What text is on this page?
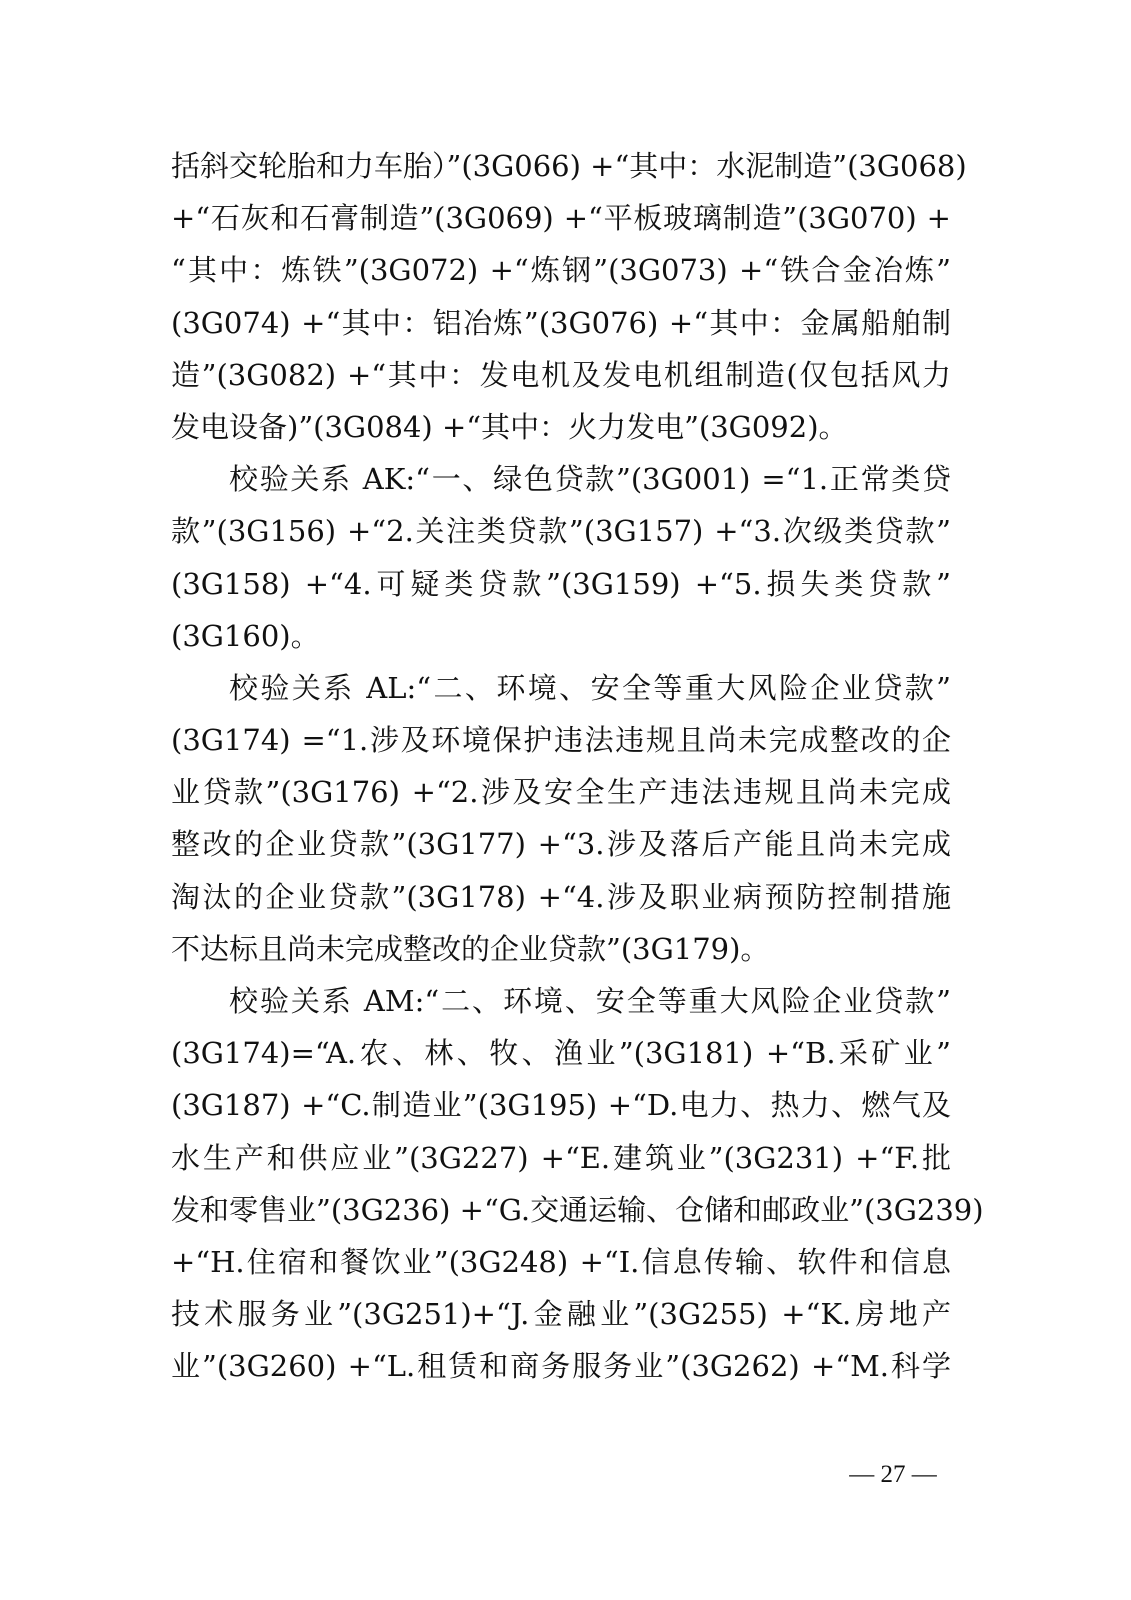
括斜交轮胎和力车胎）”(3G066) +“其中：水泥制造”(3G068)
+“石灰和石膏制造”(3G069) +“平板玻璃制造”(3G070) +
“其中：炼铁”(3G072) +“炼钢”(3G073) +“铁合金冶炼”
(3G074) +“其中：铝冶炼”(3G076) +“其中：金属船舶制
造”(3G082) +“其中：发电机及发电机组制造(仅包括风力
发电设备)”(3G084) +“其中：火力发电”(3G092)。
校验关系 AK:“一、绿色贷款”(3G001) =“1.正常类贷
款”(3G156) +“2.关注类贷款”(3G157) +“3.次级类贷款”
(3G158) +“4.可疑类贷款”(3G159) +“5.损失类贷款”
(3G160)。
校验关系 AL:“二、环境、安全等重大风险企业贷款”
(3G174) =“1.涉及环境保护违法违规且尚未完成整改的企
业贷款”(3G176) +“2.涉及安全生产违法违规且尚未完成
整改的企业贷款”(3G177) +“3.涉及落后产能且尚未完成
淘汰的企业贷款”(3G178) +“4.涉及职业病预防控制措施
不达标且尚未完成整改的企业贷款”(3G179)。
校验关系 AM:“二、环境、安全等重大风险企业贷款”
(3G174)=“A.农、林、牧、渔业”(3G181) +“B.采矿业”
(3G187) +“C.制造业”(3G195) +“D.电力、热力、燃气及
水生产和供应业”(3G227) +“E.建筑业”(3G231) +“F.批
发和零售业”(3G236) +“G.交通运输、仓储和邮政业”(3G239)
+“H.住宿和餐饮业”(3G248) +“I.信息传输、软件和信息
技术服务业”(3G251)+“J.金融业”(3G255) +“K.房地产
业”(3G260) +“L.租赁和商务服务业”(3G262) +“M.科学
— 27 —
